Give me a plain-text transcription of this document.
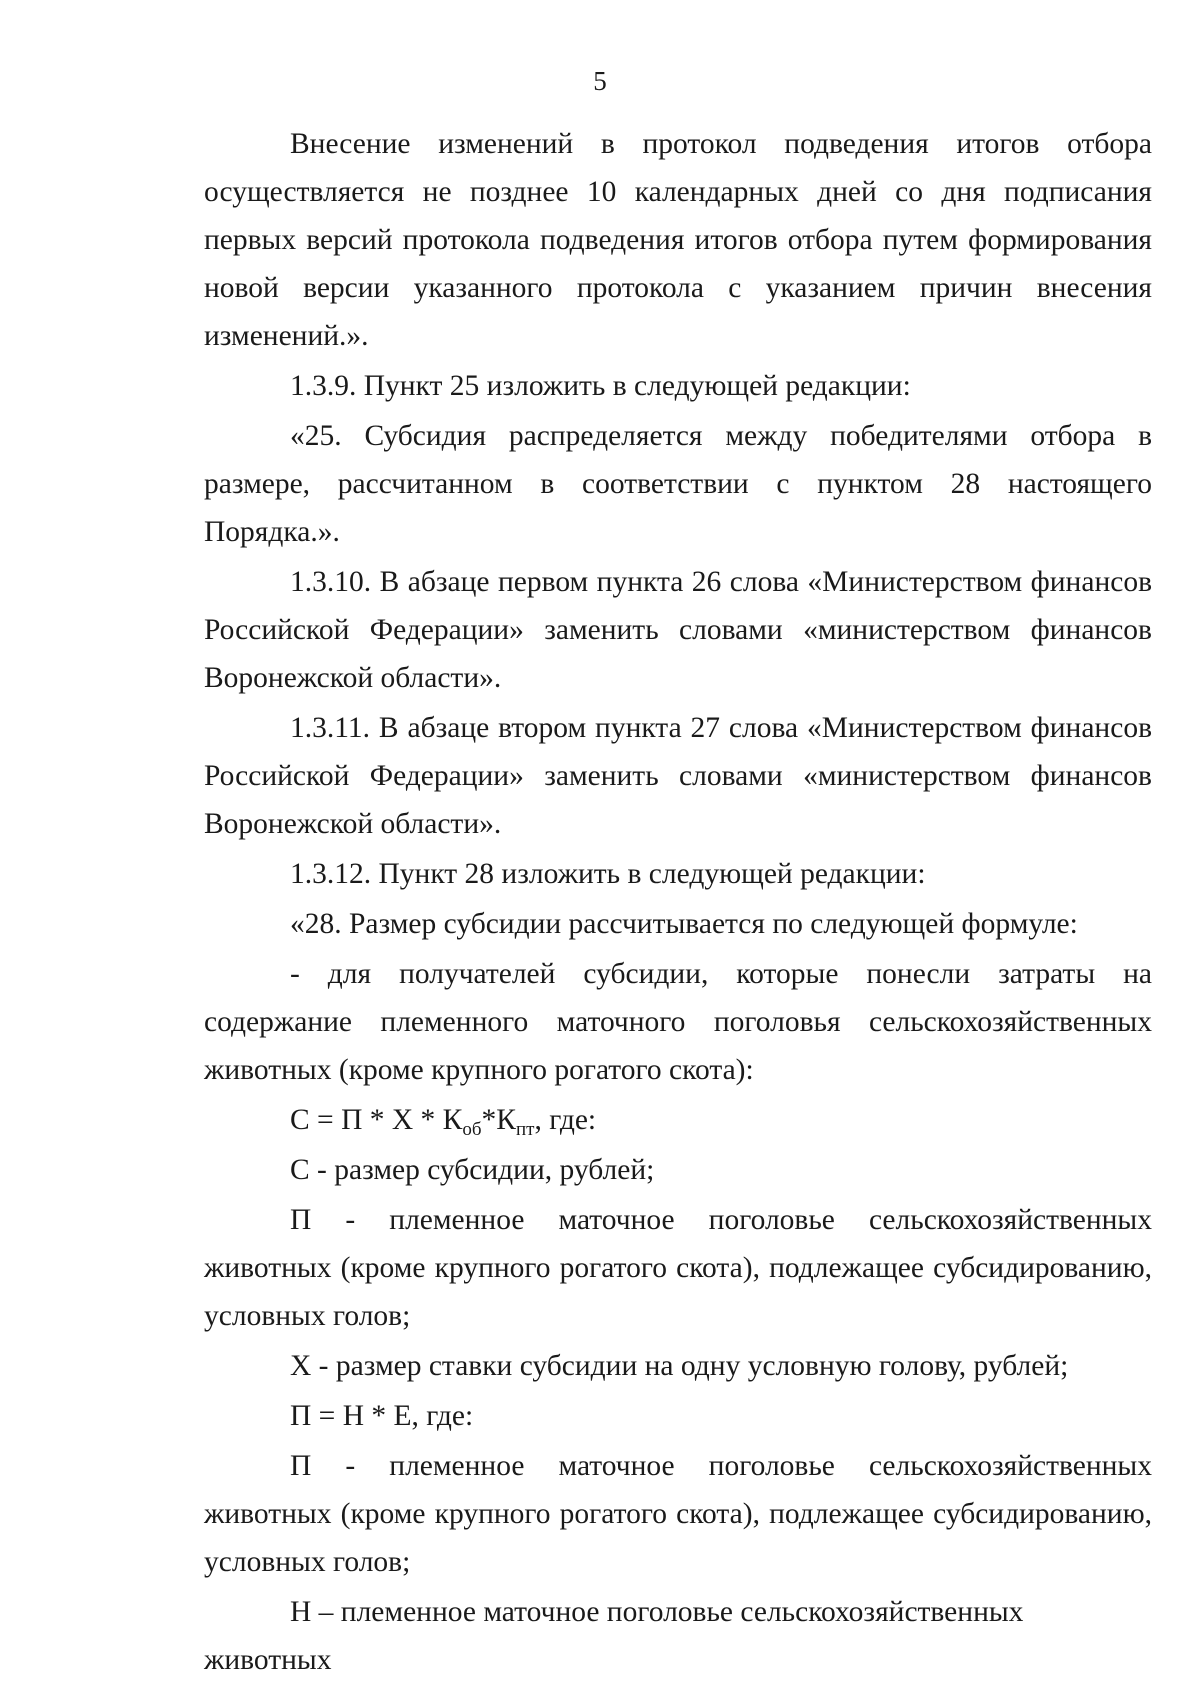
5

Внесение изменений в протокол подведения итогов отбора осуществляется не позднее 10 календарных дней со дня подписания первых версий протокола подведения итогов отбора путем формирования новой версии указанного протокола с указанием причин внесения изменений.».

1.3.9. Пункт 25 изложить в следующей редакции:

«25. Субсидия распределяется между победителями отбора в размере, рассчитанном в соответствии с пунктом 28 настоящего Порядка.».

1.3.10. В абзаце первом пункта 26 слова «Министерством финансов Российской Федерации» заменить словами «министерством финансов Воронежской области».

1.3.11. В абзаце втором пункта 27 слова «Министерством финансов Российской Федерации» заменить словами «министерством финансов Воронежской области».

1.3.12. Пункт 28 изложить в следующей редакции:

«28. Размер субсидии рассчитывается по следующей формуле:

- для получателей субсидии, которые понесли затраты на содержание племенного маточного поголовья сельскохозяйственных животных (кроме крупного рогатого скота):

$С = П * Х * К_{об}*К_{пт}$, где:

С - размер субсидии, рублей;

П - племенное маточное поголовье сельскохозяйственных животных (кроме крупного рогатого скота), подлежащее субсидированию, условных голов;

Х - размер ставки субсидии на одну условную голову, рублей;

П = Н * Е, где:

П - племенное маточное поголовье сельскохозяйственных животных (кроме крупного рогатого скота), подлежащее субсидированию, условных голов;

Н – племенное маточное поголовье сельскохозяйственных животных
